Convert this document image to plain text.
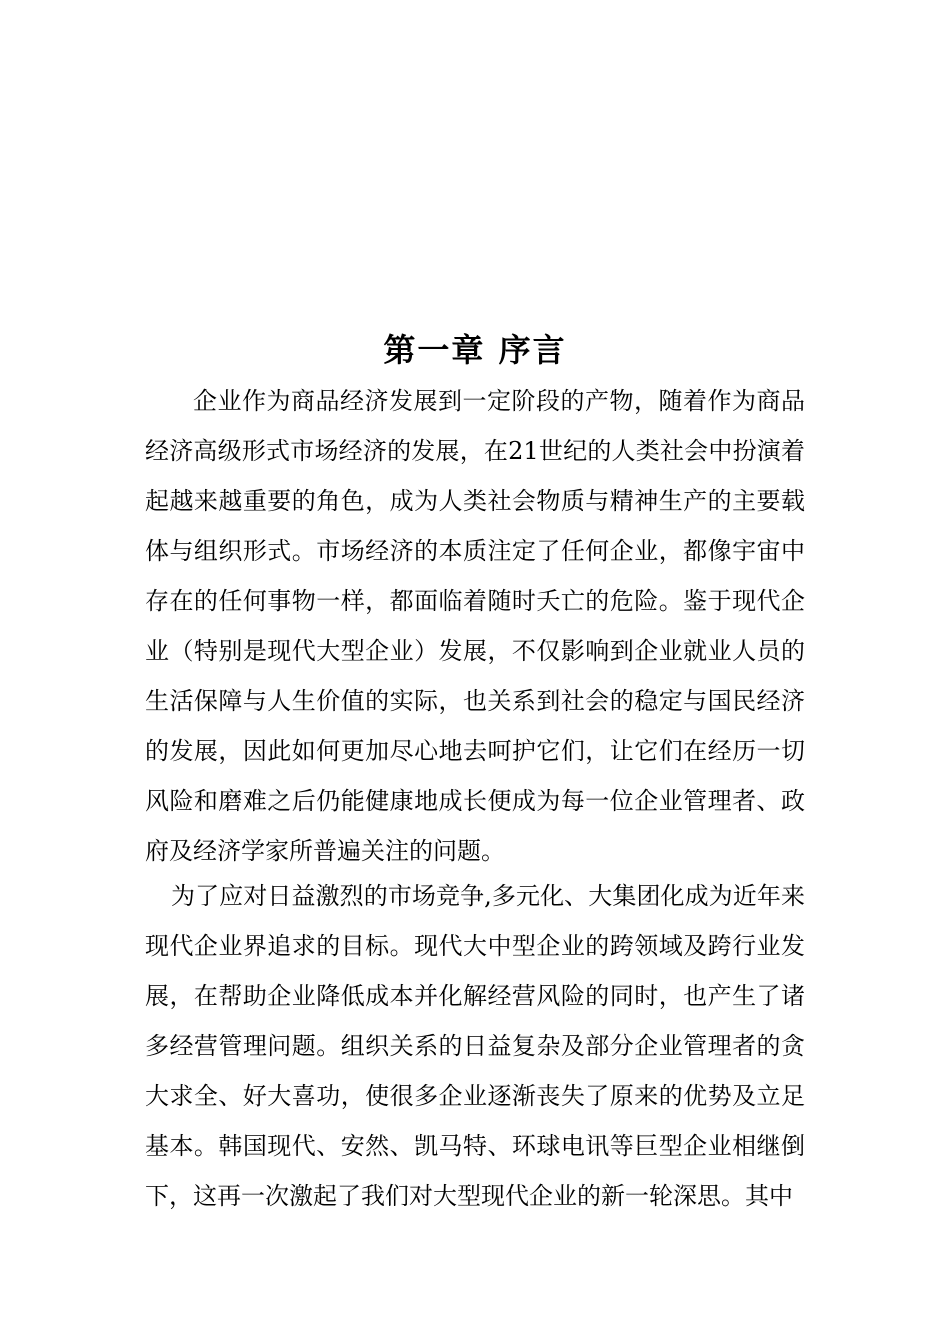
第一章 序言

企业作为商品经济发展到一定阶段的产物，随着作为商品经济高级形式市场经济的发展，在21世纪的人类社会中扮演着起越来越重要的角色，成为人类社会物质与精神生产的主要载体与组织形式。市场经济的本质注定了任何企业，都像宇宙中存在的任何事物一样，都面临着随时夭亡的危险。鉴于现代企业（特别是现代大型企业）发展，不仅影响到企业就业人员的生活保障与人生价值的实际，也关系到社会的稳定与国民经济的发展，因此如何更加尽心地去呵护它们，让它们在经历一切风险和磨难之后仍能健康地成长便成为每一位企业管理者、政府及经济学家所普遍关注的问题。

为了应对日益激烈的市场竞争,多元化、大集团化成为近年来现代企业界追求的目标。现代大中型企业的跨领域及跨行业发展，在帮助企业降低成本并化解经营风险的同时，也产生了诸多经营管理问题。组织关系的日益复杂及部分企业管理者的贪大求全、好大喜功，使很多企业逐渐丧失了原来的优势及立足基本。韩国现代、安然、凯马特、环球电讯等巨型企业相继倒下，这再一次激起了我们对大型现代企业的新一轮深思。其中
